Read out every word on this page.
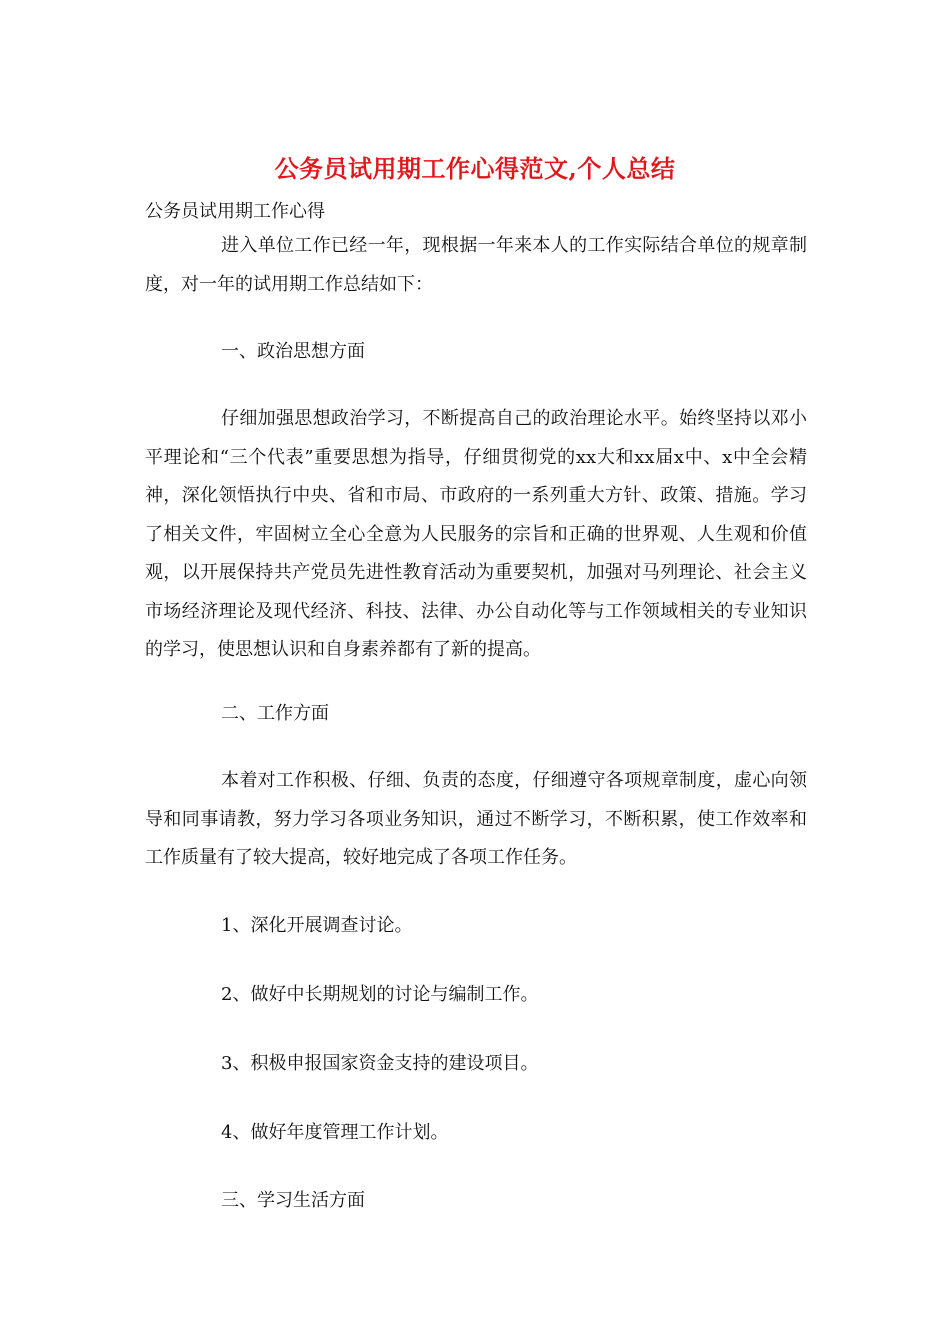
公务员试用期工作心得范文,个人总结
公务员试用期工作心得

进入单位工作已经一年，现根据一年来本人的工作实际结合单位的规章制度，对一年的试用期工作总结如下：

一、政治思想方面

仔细加强思想政治学习，不断提高自己的政治理论水平。始终坚持以邓小平理论和“三个代表”重要思想为指导，仔细贯彻党的xx大和xx届x中、x中全会精神，深化领悟执行中央、省和市局、市政府的一系列重大方针、政策、措施。学习了相关文件，牢固树立全心全意为人民服务的宗旨和正确的世界观、人生观和价值观，以开展保持共产党员先进性教育活动为重要契机，加强对马列理论、社会主义市场经济理论及现代经济、科技、法律、办公自动化等与工作领域相关的专业知识的学习，使思想认识和自身素养都有了新的提高。

二、工作方面

本着对工作积极、仔细、负责的态度，仔细遵守各项规章制度，虚心向领导和同事请教，努力学习各项业务知识，通过不断学习，不断积累，使工作效率和工作质量有了较大提高，较好地完成了各项工作任务。

1、深化开展调查讨论。

2、做好中长期规划的讨论与编制工作。

3、积极申报国家资金支持的建设项目。

4、做好年度管理工作计划。

三、学习生活方面
